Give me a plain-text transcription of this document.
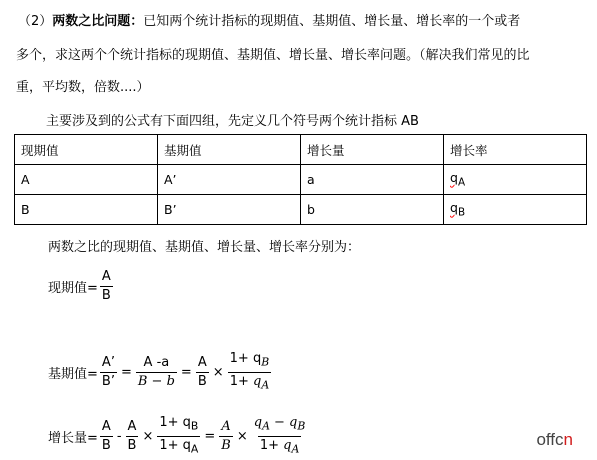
（2）两数之比问题：已知两个统计指标的现期值、基期值、增长量、增长率的一个或者
多个，求这两个个统计指标的现期值、基期值、增长量、增长率问题。（解决我们常见的比
重，平均数，倍数....）
主要涉及到的公式有下面四组，先定义几个符号两个统计指标 AB
现期值	基期值	增长量	增长率
A	A’	a	$q_A$
B	B’	b	$q_B$
两数之比的现期值、基期值、增长量、增长率分别为：
现期值= $\frac{A}{B}$
基期值= $\frac{A’}{B’} = \frac{A -a}{B - b} = \frac{A}{B} \times \frac{1+ q_B}{1+ q_A}$
增长量= $\frac{A}{B} - \frac{A}{B} \times \frac{1+ q_B}{1+ q_A} = \frac{A}{B} \times \frac{q_A - q_B}{1+ q_A}$	offcn
